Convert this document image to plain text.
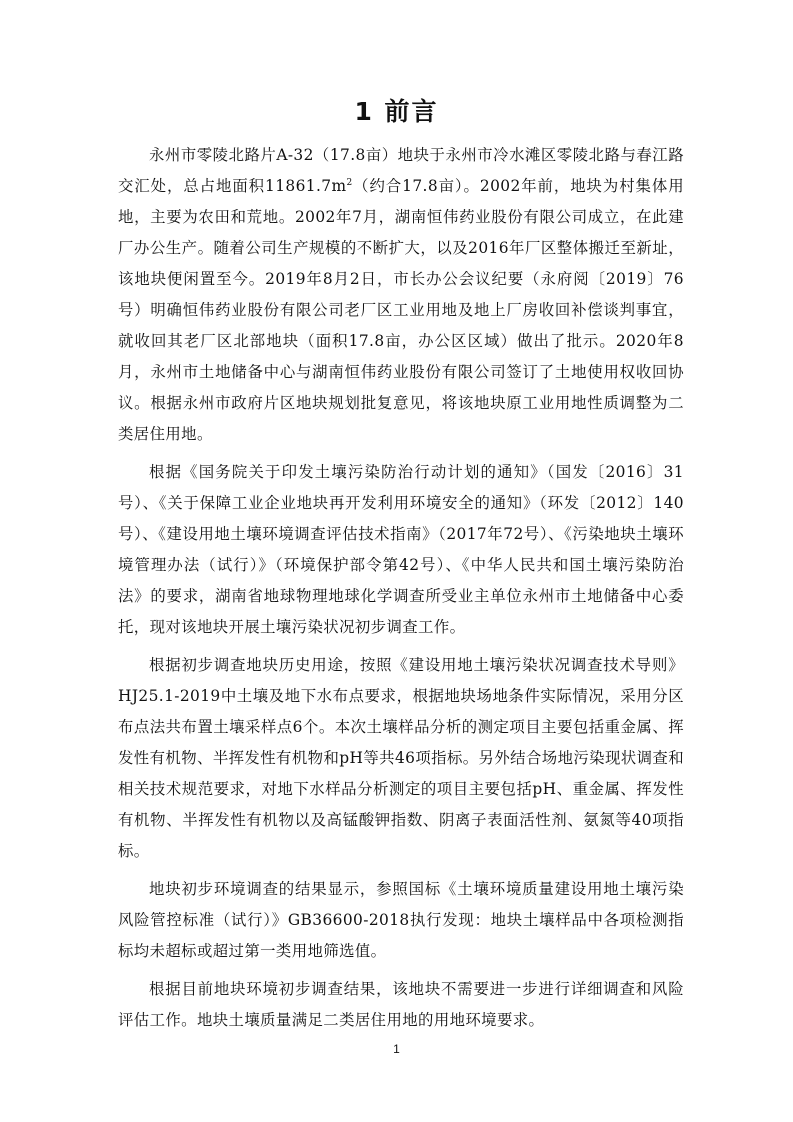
1 前言

永州市零陵北路片A-32（17.8亩）地块于永州市冷水滩区零陵北路与春江路交汇处，总占地面积$11861.7m^2$（约合17.8亩）。2002年前，地块为村集体用地，主要为农田和荒地。2002年7月，湖南恒伟药业股份有限公司成立，在此建厂办公生产。随着公司生产规模的不断扩大，以及2016年厂区整体搬迁至新址，该地块便闲置至今。2019年8月2日，市长办公会议纪要（永府阅〔2019〕76号）明确恒伟药业股份有限公司老厂区工业用地及地上厂房收回补偿谈判事宜，就收回其老厂区北部地块（面积17.8亩，办公区区域）做出了批示。2020年8月，永州市土地储备中心与湖南恒伟药业股份有限公司签订了土地使用权收回协议。根据永州市政府片区地块规划批复意见，将该地块原工业用地性质调整为二类居住用地。

根据《国务院关于印发土壤污染防治行动计划的通知》（国发〔2016〕31号）、《关于保障工业企业地块再开发利用环境安全的通知》（环发〔2012〕140号）、《建设用地土壤环境调查评估技术指南》（2017年72号）、《污染地块土壤环境管理办法（试行）》（环境保护部令第42号）、《中华人民共和国土壤污染防治法》的要求，湖南省地球物理地球化学调查所受业主单位永州市土地储备中心委托，现对该地块开展土壤污染状况初步调查工作。

根据初步调查地块历史用途，按照《建设用地土壤污染状况调查技术导则》HJ25.1-2019中土壤及地下水布点要求，根据地块场地条件实际情况，采用分区布点法共布置土壤采样点6个。本次土壤样品分析的测定项目主要包括重金属、挥发性有机物、半挥发性有机物和pH等共46项指标。另外结合场地污染现状调查和相关技术规范要求，对地下水样品分析测定的项目主要包括pH、重金属、挥发性有机物、半挥发性有机物以及高锰酸钾指数、阴离子表面活性剂、氨氮等40项指标。

地块初步环境调查的结果显示，参照国标《土壤环境质量建设用地土壤污染风险管控标准（试行）》GB36600-2018执行发现：地块土壤样品中各项检测指标均未超标或超过第一类用地筛选值。

根据目前地块环境初步调查结果，该地块不需要进一步进行详细调查和风险评估工作。地块土壤质量满足二类居住用地的用地环境要求。

1
